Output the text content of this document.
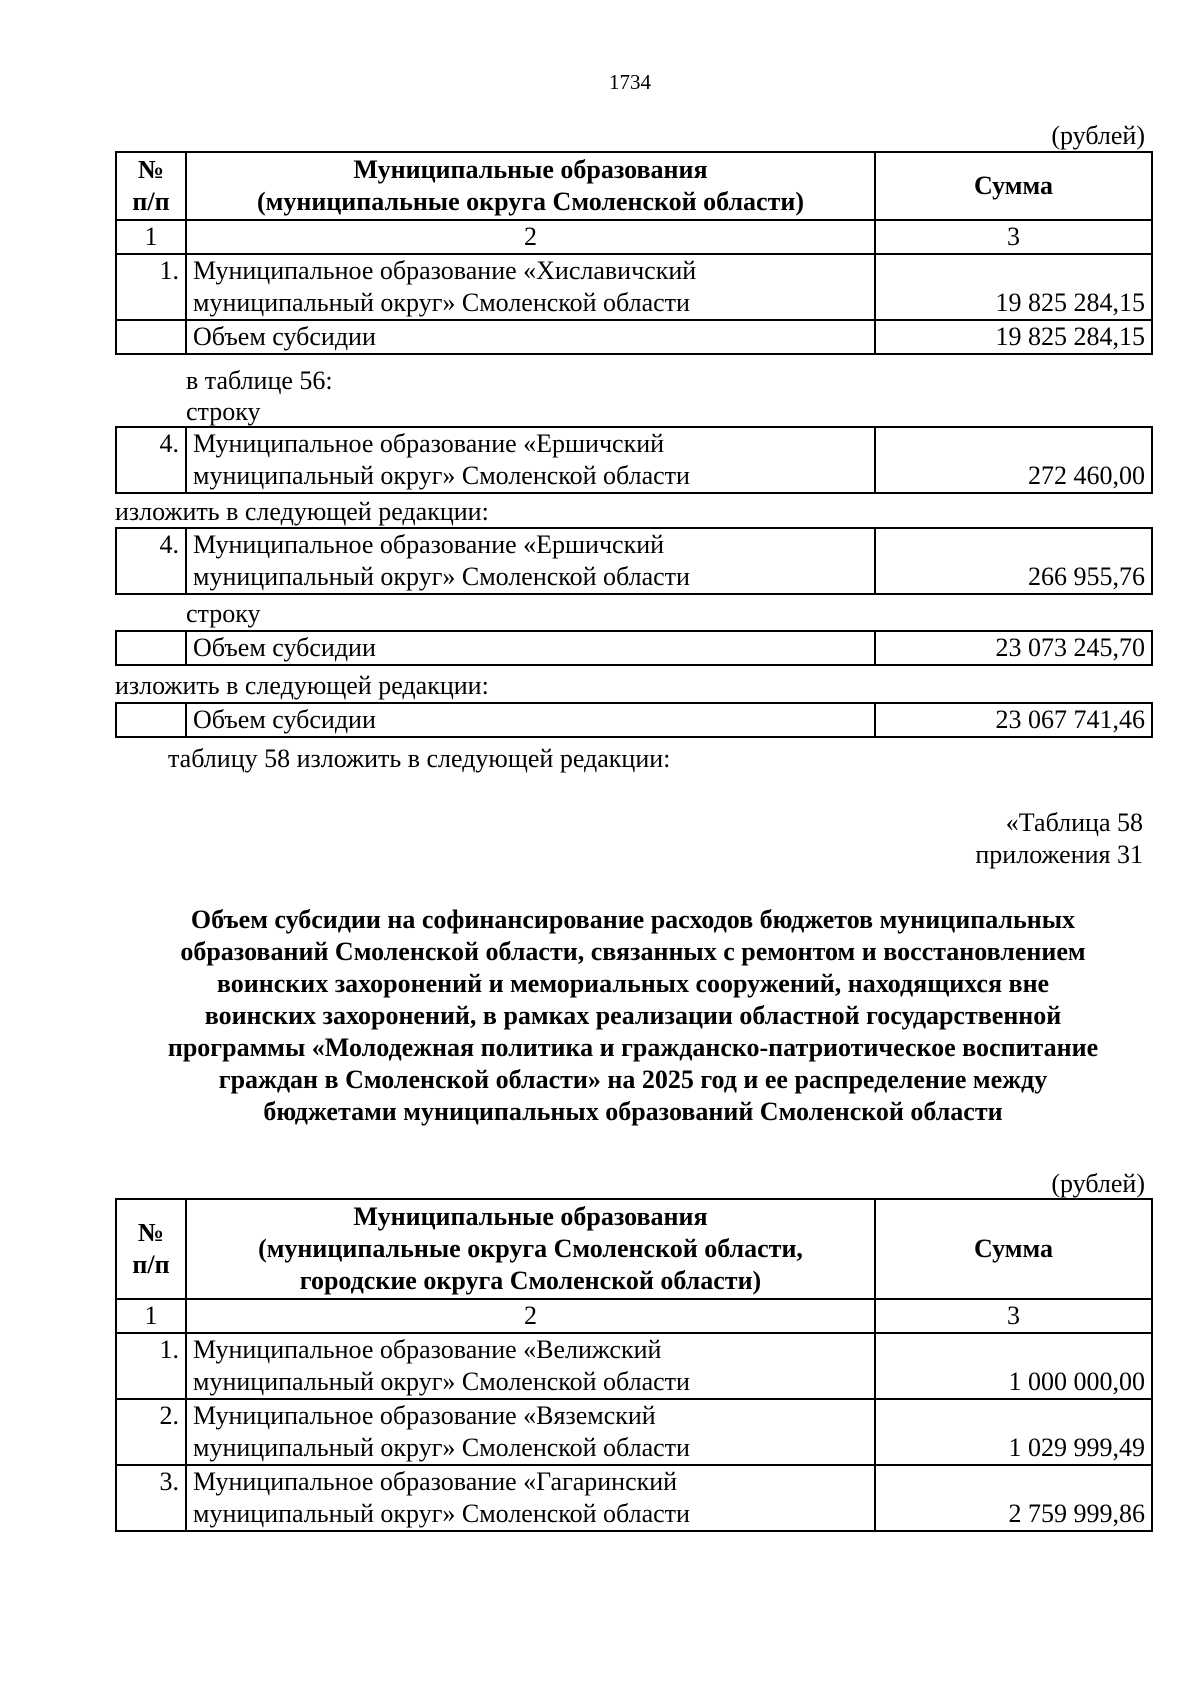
1734
(рублей)
№
п/п	Муниципальные образования
(муниципальные округа Смоленской области)	Сумма
1	2	3
1.	Муниципальное образование «Хиславичский
муниципальный округ» Смоленской области	19 825 284,15
	Объем субсидии	19 825 284,15
в таблице 56:
строку
4.	Муниципальное образование «Ершичский
муниципальный округ» Смоленской области	272 460,00
изложить в следующей редакции:
4.	Муниципальное образование «Ершичский
муниципальный округ» Смоленской области	266 955,76
строку
	Объем субсидии	23 073 245,70
изложить в следующей редакции:
	Объем субсидии	23 067 741,46
таблицу 58 изложить в следующей редакции:
«Таблица 58
приложения 31
Объем субсидии на софинансирование расходов бюджетов муниципальных
образований Смоленской области, связанных с ремонтом и восстановлением
воинских захоронений и мемориальных сооружений, находящихся вне
воинских захоронений, в рамках реализации областной государственной
программы «Молодежная политика и гражданско-патриотическое воспитание
граждан в Смоленской области» на 2025 год и ее распределение между
бюджетами муниципальных образований Смоленской области
(рублей)
№
п/п	Муниципальные образования
(муниципальные округа Смоленской области,
городские округа Смоленской области)	Сумма
1	2	3
1.	Муниципальное образование «Велижский
муниципальный округ» Смоленской области	1 000 000,00
2.	Муниципальное образование «Вяземский
муниципальный округ» Смоленской области	1 029 999,49
3.	Муниципальное образование «Гагаринский
муниципальный округ» Смоленской области	2 759 999,86
